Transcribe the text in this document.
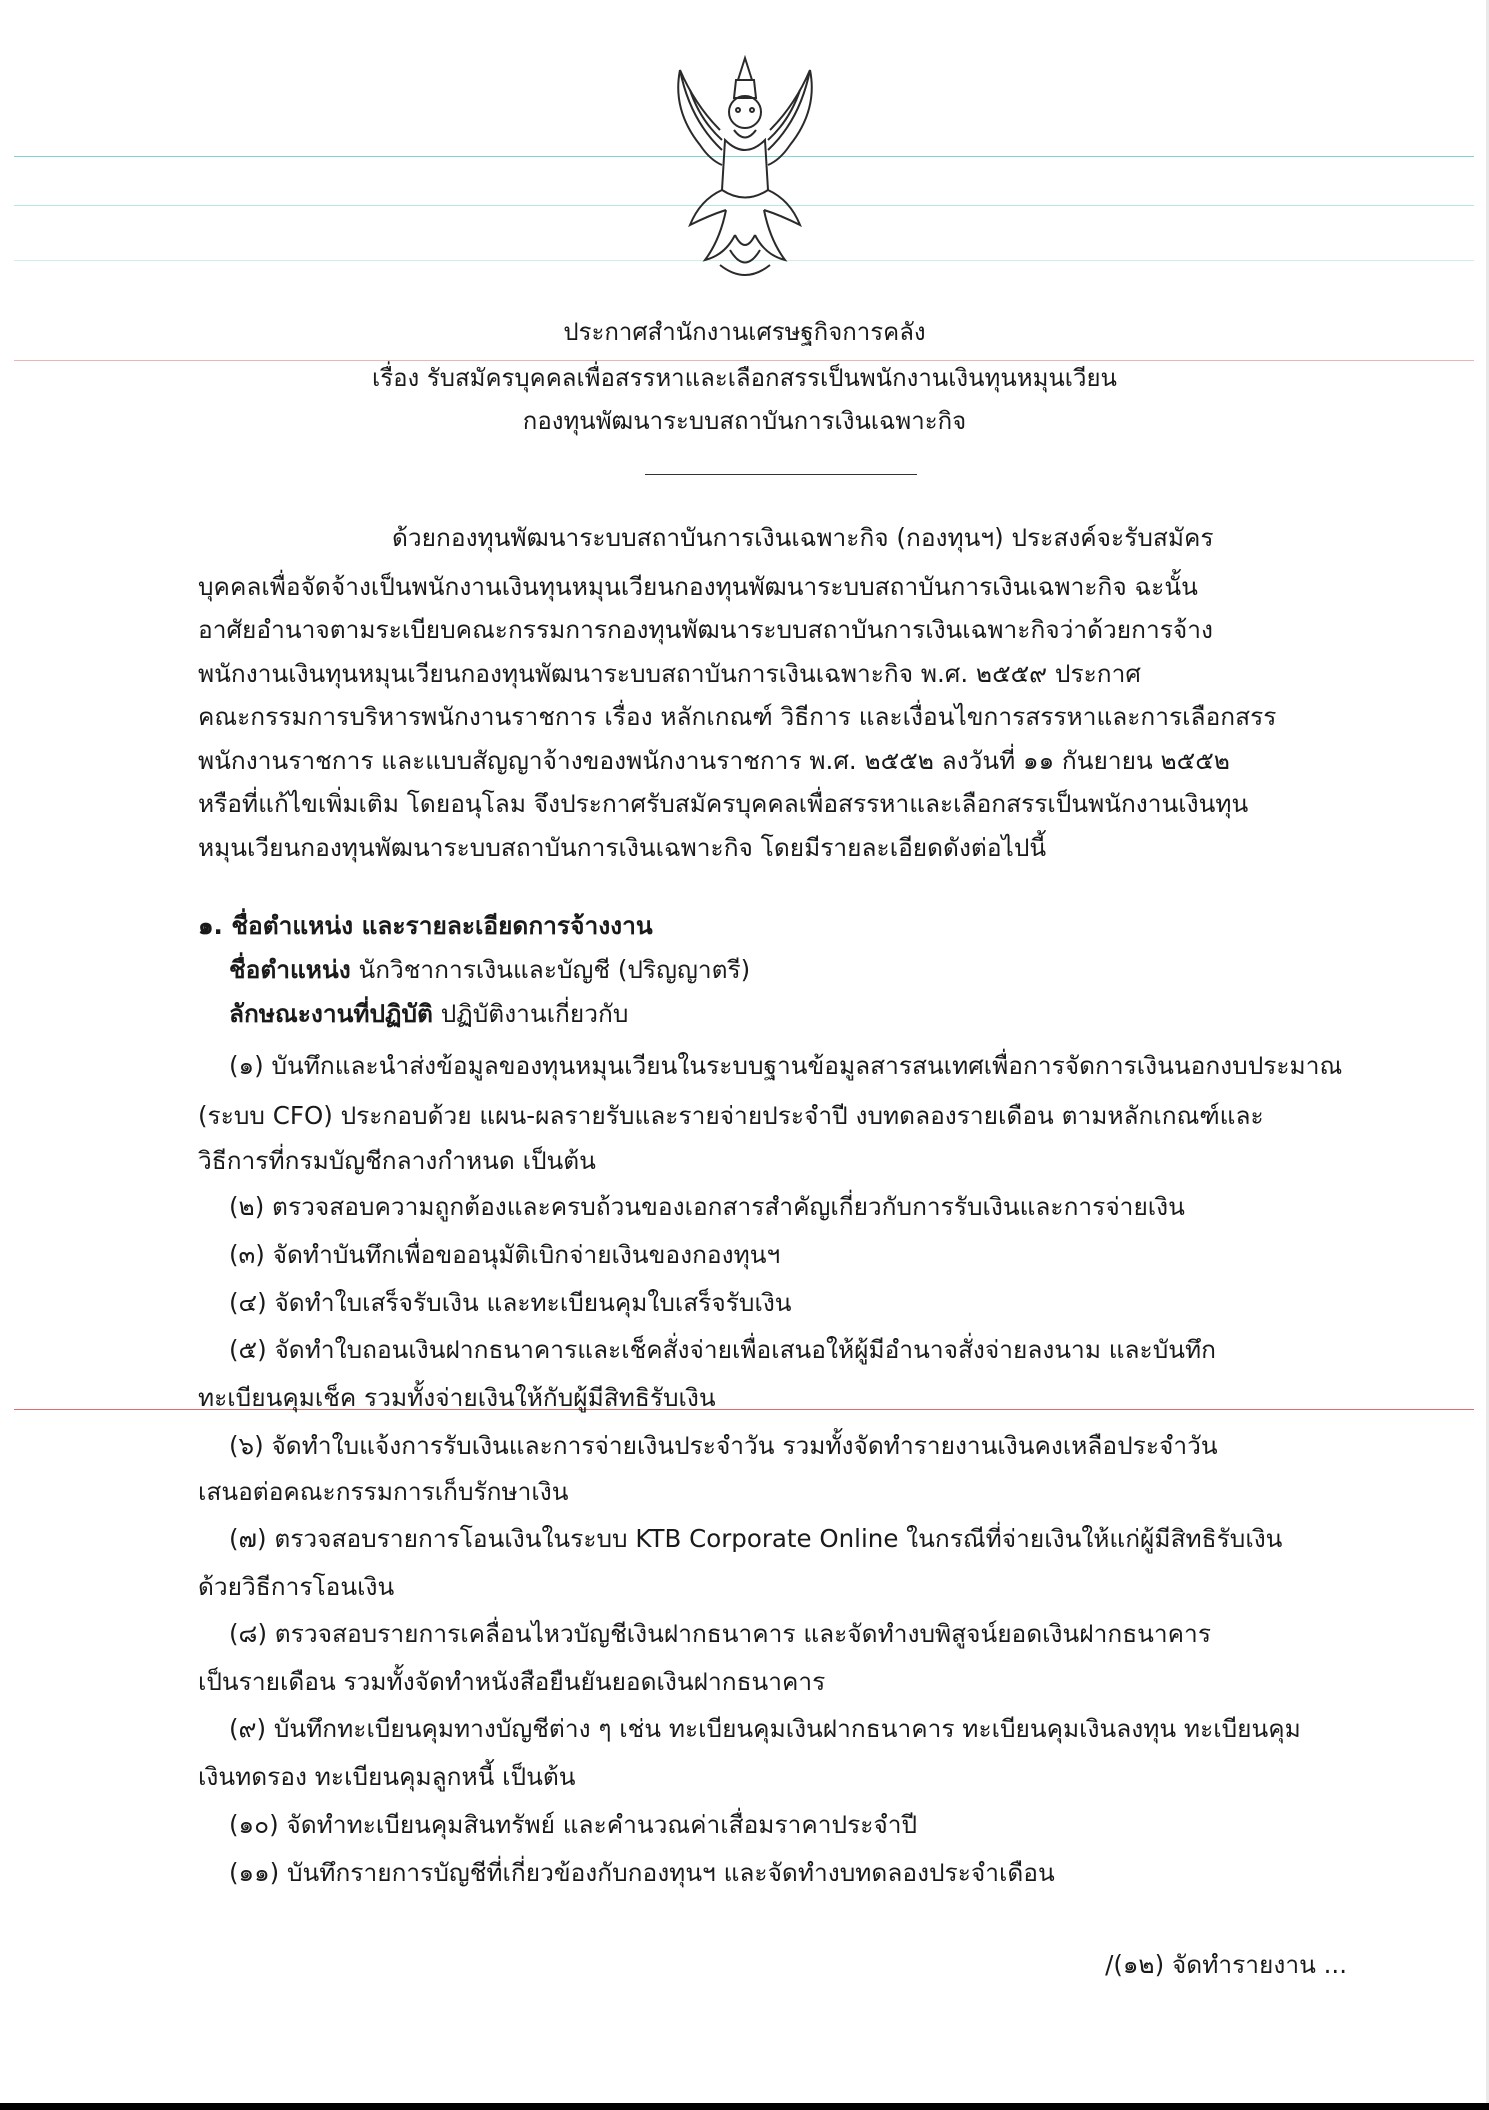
ประกาศสำนักงานเศรษฐกิจการคลัง
เรื่อง รับสมัครบุคคลเพื่อสรรหาและเลือกสรรเป็นพนักงานเงินทุนหมุนเวียน
กองทุนพัฒนาระบบสถาบันการเงินเฉพาะกิจ
ด้วยกองทุนพัฒนาระบบสถาบันการเงินเฉพาะกิจ (กองทุนฯ) ประสงค์จะรับสมัคร
บุคคลเพื่อจัดจ้างเป็นพนักงานเงินทุนหมุนเวียนกองทุนพัฒนาระบบสถาบันการเงินเฉพาะกิจ ฉะนั้น
อาศัยอำนาจตามระเบียบคณะกรรมการกองทุนพัฒนาระบบสถาบันการเงินเฉพาะกิจว่าด้วยการจ้าง
พนักงานเงินทุนหมุนเวียนกองทุนพัฒนาระบบสถาบันการเงินเฉพาะกิจ พ.ศ. ๒๕๕๙ ประกาศ
คณะกรรมการบริหารพนักงานราชการ เรื่อง หลักเกณฑ์ วิธีการ และเงื่อนไขการสรรหาและการเลือกสรร
พนักงานราชการ และแบบสัญญาจ้างของพนักงานราชการ พ.ศ. ๒๕๕๒ ลงวันที่ ๑๑ กันยายน ๒๕๕๒
หรือที่แก้ไขเพิ่มเติม โดยอนุโลม จึงประกาศรับสมัครบุคคลเพื่อสรรหาและเลือกสรรเป็นพนักงานเงินทุน
หมุนเวียนกองทุนพัฒนาระบบสถาบันการเงินเฉพาะกิจ โดยมีรายละเอียดดังต่อไปนี้
๑. ชื่อตำแหน่ง และรายละเอียดการจ้างงาน
ชื่อตำแหน่ง นักวิชาการเงินและบัญชี (ปริญญาตรี)
ลักษณะงานที่ปฏิบัติ ปฏิบัติงานเกี่ยวกับ
(๑) บันทึกและนำส่งข้อมูลของทุนหมุนเวียนในระบบฐานข้อมูลสารสนเทศเพื่อการจัดการเงินนอกงบประมาณ
(ระบบ CFO) ประกอบด้วย แผน-ผลรายรับและรายจ่ายประจำปี งบทดลองรายเดือน ตามหลักเกณฑ์และ
วิธีการที่กรมบัญชีกลางกำหนด เป็นต้น
(๒) ตรวจสอบความถูกต้องและครบถ้วนของเอกสารสำคัญเกี่ยวกับการรับเงินและการจ่ายเงิน
(๓) จัดทำบันทึกเพื่อขออนุมัติเบิกจ่ายเงินของกองทุนฯ
(๔) จัดทำใบเสร็จรับเงิน และทะเบียนคุมใบเสร็จรับเงิน
(๕) จัดทำใบถอนเงินฝากธนาคารและเช็คสั่งจ่ายเพื่อเสนอให้ผู้มีอำนาจสั่งจ่ายลงนาม และบันทึก
ทะเบียนคุมเช็ค รวมทั้งจ่ายเงินให้กับผู้มีสิทธิรับเงิน
(๖) จัดทำใบแจ้งการรับเงินและการจ่ายเงินประจำวัน รวมทั้งจัดทำรายงานเงินคงเหลือประจำวัน
เสนอต่อคณะกรรมการเก็บรักษาเงิน
(๗) ตรวจสอบรายการโอนเงินในระบบ KTB Corporate Online ในกรณีที่จ่ายเงินให้แก่ผู้มีสิทธิรับเงิน
ด้วยวิธีการโอนเงิน
(๘) ตรวจสอบรายการเคลื่อนไหวบัญชีเงินฝากธนาคาร และจัดทำงบพิสูจน์ยอดเงินฝากธนาคาร
เป็นรายเดือน รวมทั้งจัดทำหนังสือยืนยันยอดเงินฝากธนาคาร
(๙) บันทึกทะเบียนคุมทางบัญชีต่าง ๆ เช่น ทะเบียนคุมเงินฝากธนาคาร ทะเบียนคุมเงินลงทุน ทะเบียนคุม
เงินทดรอง ทะเบียนคุมลูกหนี้ เป็นต้น
(๑๐) จัดทำทะเบียนคุมสินทรัพย์ และคำนวณค่าเสื่อมราคาประจำปี
(๑๑) บันทึกรายการบัญชีที่เกี่ยวข้องกับกองทุนฯ และจัดทำงบทดลองประจำเดือน
/(๑๒) จัดทำรายงาน ...
